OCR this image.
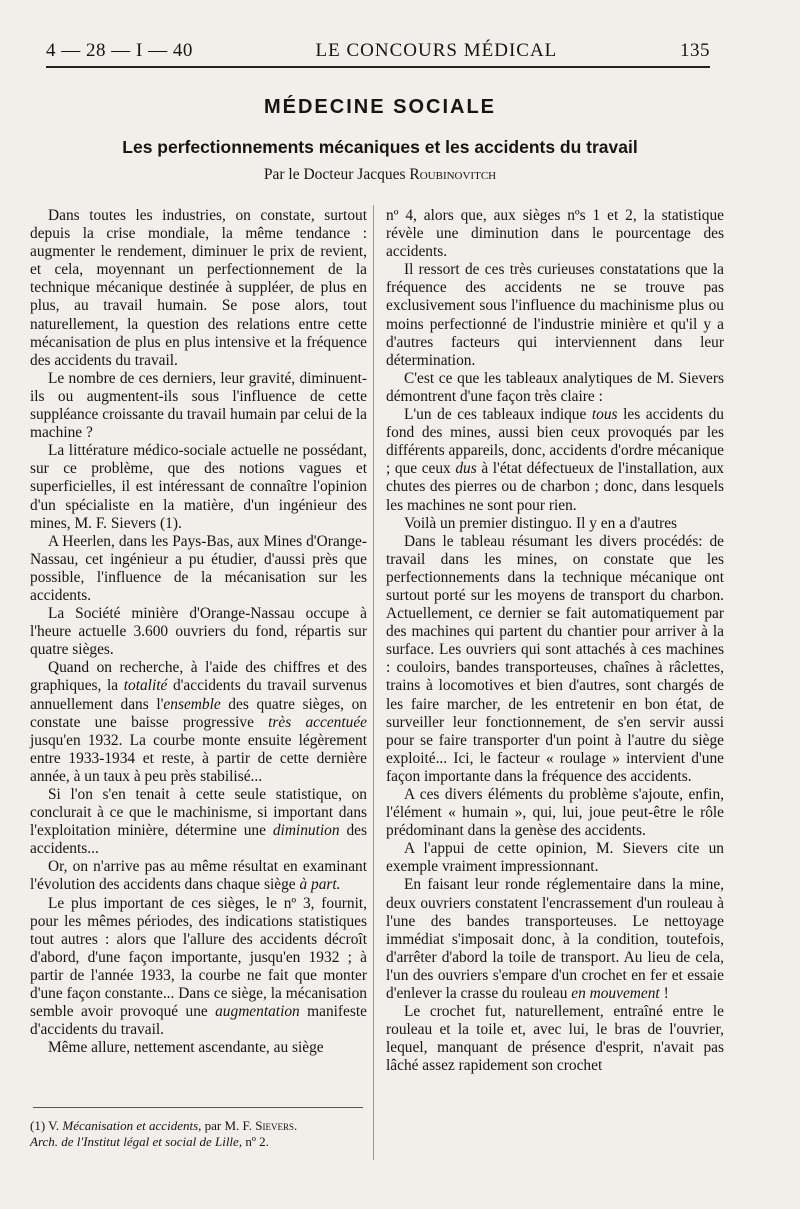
4 — 28 — I — 40	LE CONCOURS MÉDICAL	135
MÉDECINE SOCIALE
Les perfectionnements mécaniques et les accidents du travail
Par le Docteur Jacques Roubinovitch

Dans toutes les industries, on constate, surtout depuis la crise mondiale, la même tendance : augmenter le rendement, diminuer le prix de revient, et cela, moyennant un perfectionnement de la technique mécanique destinée à suppléer, de plus en plus, au travail humain. Se pose alors, tout naturellement, la question des relations entre cette mécanisation de plus en plus intensive et la fréquence des accidents du travail.

Le nombre de ces derniers, leur gravité, diminuent-ils ou augmentent-ils sous l'influence de cette suppléance croissante du travail humain par celui de la machine ?

La littérature médico-sociale actuelle ne possédant, sur ce problème, que des notions vagues et superficielles, il est intéressant de connaître l'opinion d'un spécialiste en la matière, d'un ingénieur des mines, M. F. Sievers (1).

A Heerlen, dans les Pays-Bas, aux Mines d'Orange-Nassau, cet ingénieur a pu étudier, d'aussi près que possible, l'influence de la mécanisation sur les accidents.

La Société minière d'Orange-Nassau occupe à l'heure actuelle 3.600 ouvriers du fond, répartis sur quatre sièges.

Quand on recherche, à l'aide des chiffres et des graphiques, la totalité d'accidents du travail survenus annuellement dans l'ensemble des quatre sièges, on constate une baisse progressive très accentuée jusqu'en 1932. La courbe monte ensuite légèrement entre 1933-1934 et reste, à partir de cette dernière année, à un taux à peu près stabilisé...

Si l'on s'en tenait à cette seule statistique, on conclurait à ce que le machinisme, si important dans l'exploitation minière, détermine une diminution des accidents...

Or, on n'arrive pas au même résultat en examinant l'évolution des accidents dans chaque siège à part.

Le plus important de ces sièges, le nº 3, fournit, pour les mêmes périodes, des indications statistiques tout autres : alors que l'allure des accidents décroît d'abord, d'une façon importante, jusqu'en 1932 ; à partir de l'année 1933, la courbe ne fait que monter d'une façon constante... Dans ce siège, la mécanisation semble avoir provoqué une augmentation manifeste d'accidents du travail.

Même allure, nettement ascendante, au siège

nº 4, alors que, aux sièges nºs 1 et 2, la statistique révèle une diminution dans le pourcentage des accidents.

Il ressort de ces très curieuses constatations que la fréquence des accidents ne se trouve pas exclusivement sous l'influence du machinisme plus ou moins perfectionné de l'industrie minière et qu'il y a d'autres facteurs qui interviennent dans leur détermination.

C'est ce que les tableaux analytiques de M. Sievers démontrent d'une façon très claire :

L'un de ces tableaux indique tous les accidents du fond des mines, aussi bien ceux provoqués par les différents appareils, donc, accidents d'ordre mécanique ; que ceux dus à l'état défectueux de l'installation, aux chutes des pierres ou de charbon ; donc, dans lesquels les machines ne sont pour rien.

Voilà un premier distinguo. Il y en a d'autres

Dans le tableau résumant les divers procédés: de travail dans les mines, on constate que les perfectionnements dans la technique mécanique ont surtout porté sur les moyens de transport du charbon. Actuellement, ce dernier se fait automatiquement par des machines qui partent du chantier pour arriver à la surface. Les ouvriers qui sont attachés à ces machines : couloirs, bandes transporteuses, chaînes à râclettes, trains à locomotives et bien d'autres, sont chargés de les faire marcher, de les entretenir en bon état, de surveiller leur fonctionnement, de s'en servir aussi pour se faire transporter d'un point à l'autre du siège exploité... Ici, le facteur « roulage » intervient d'une façon importante dans la fréquence des accidents.

A ces divers éléments du problème s'ajoute, enfin, l'élément « humain », qui, lui, joue peut-être le rôle prédominant dans la genèse des accidents.

A l'appui de cette opinion, M. Sievers cite un exemple vraiment impressionnant.

En faisant leur ronde réglementaire dans la mine, deux ouvriers constatent l'encrassement d'un rouleau à l'une des bandes transporteuses. Le nettoyage immédiat s'imposait donc, à la condition, toutefois, d'arrêter d'abord la toile de transport. Au lieu de cela, l'un des ouvriers s'empare d'un crochet en fer et essaie d'enlever la crasse du rouleau en mouvement !

Le crochet fut, naturellement, entraîné entre le rouleau et la toile et, avec lui, le bras de l'ouvrier, lequel, manquant de présence d'esprit, n'avait pas lâché assez rapidement son crochet

(1) V. Mécanisation et accidents, par M. F. Sievers.

Arch. de l'Institut légal et social de Lille, nº 2.
